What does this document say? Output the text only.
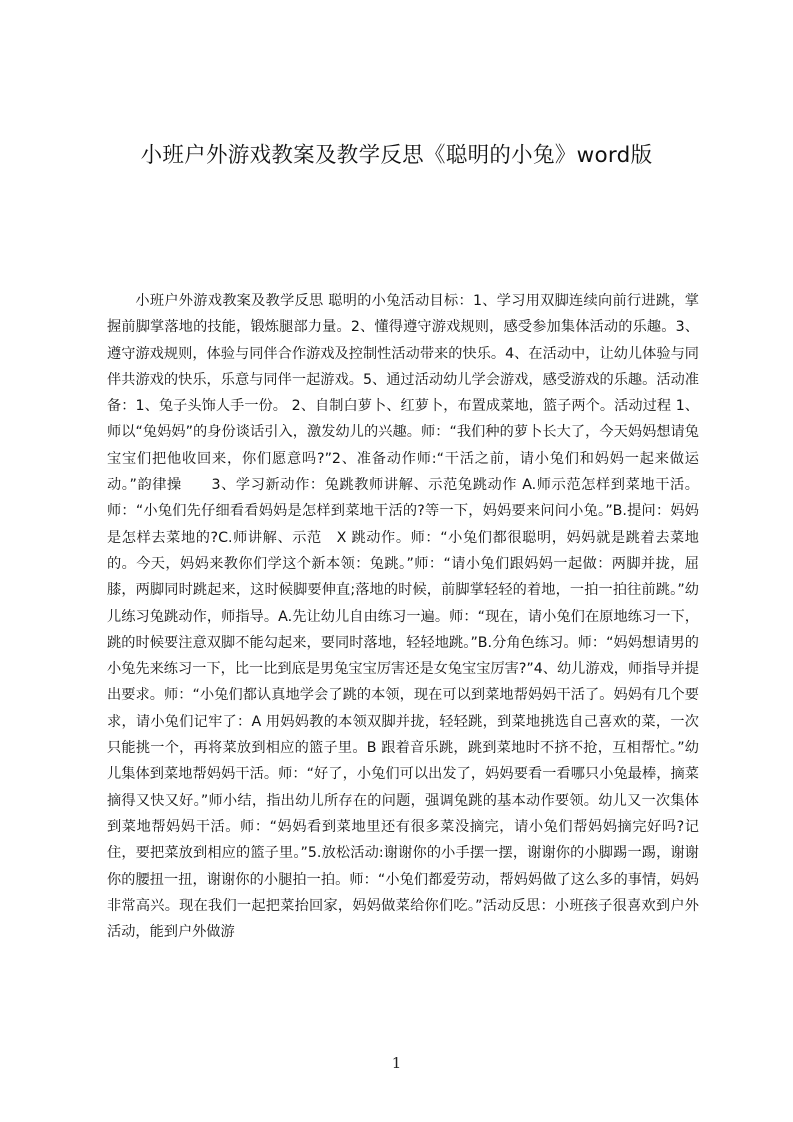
小班户外游戏教案及教学反思《聪明的小兔》word版

小班户外游戏教案及教学反思 聪明的小兔活动目标：1、学习用双脚连续向前行进跳，掌握前脚掌落地的技能，锻炼腿部力量。2、懂得遵守游戏规则，感受参加集体活动的乐趣。3、遵守游戏规则，体验与同伴合作游戏及控制性活动带来的快乐。4、在活动中，让幼儿体验与同伴共游戏的快乐，乐意与同伴一起游戏。5、通过活动幼儿学会游戏，感受游戏的乐趣。活动准备：1、兔子头饰人手一份。 2、自制白萝卜、红萝卜，布置成菜地，篮子两个。活动过程 1、师以“兔妈妈”的身份谈话引入，激发幼儿的兴趣。师：“我们种的萝卜长大了，今天妈妈想请兔宝宝们把他收回来，你们愿意吗?”2、准备动作师:“干活之前，请小兔们和妈妈一起来做运动。”韵律操　　3、学习新动作：兔跳教师讲解、示范兔跳动作 A.师示范怎样到菜地干活。师：“小兔们先仔细看看妈妈是怎样到菜地干活的?等一下，妈妈要来问问小兔。”B.提问：妈妈是怎样去菜地的?C.师讲解、示范　X 跳动作。师：“小兔们都很聪明，妈妈就是跳着去菜地的。今天，妈妈来教你们学这个新本领：兔跳。”师：“请小兔们跟妈妈一起做：两脚并拢，屈膝，两脚同时跳起来，这时候脚要伸直;落地的时候，前脚掌轻轻的着地，一拍一拍往前跳。”幼儿练习兔跳动作，师指导。A.先让幼儿自由练习一遍。师：“现在，请小兔们在原地练习一下，跳的时候要注意双脚不能勾起来，要同时落地，轻轻地跳。”B.分角色练习。师：“妈妈想请男的小兔先来练习一下，比一比到底是男兔宝宝厉害还是女兔宝宝厉害?”4、幼儿游戏，师指导并提出要求。师：“小兔们都认真地学会了跳的本领，现在可以到菜地帮妈妈干活了。妈妈有几个要求，请小兔们记牢了：A 用妈妈教的本领双脚并拢，轻轻跳，到菜地挑选自己喜欢的菜，一次只能挑一个，再将菜放到相应的篮子里。B 跟着音乐跳，跳到菜地时不挤不抢，互相帮忙。”幼儿集体到菜地帮妈妈干活。师：“好了，小兔们可以出发了，妈妈要看一看哪只小兔最棒，摘菜摘得又快又好。”师小结，指出幼儿所存在的问题，强调兔跳的基本动作要领。幼儿又一次集体到菜地帮妈妈干活。师：“妈妈看到菜地里还有很多菜没摘完，请小兔们帮妈妈摘完好吗?记住，要把菜放到相应的篮子里。”5.放松活动:谢谢你的小手摆一摆，谢谢你的小脚踢一踢，谢谢你的腰扭一扭，谢谢你的小腿拍一拍。师：“小兔们都爱劳动，帮妈妈做了这么多的事情，妈妈非常高兴。现在我们一起把菜抬回家，妈妈做菜给你们吃。”活动反思：小班孩子很喜欢到户外活动，能到户外做游

1
